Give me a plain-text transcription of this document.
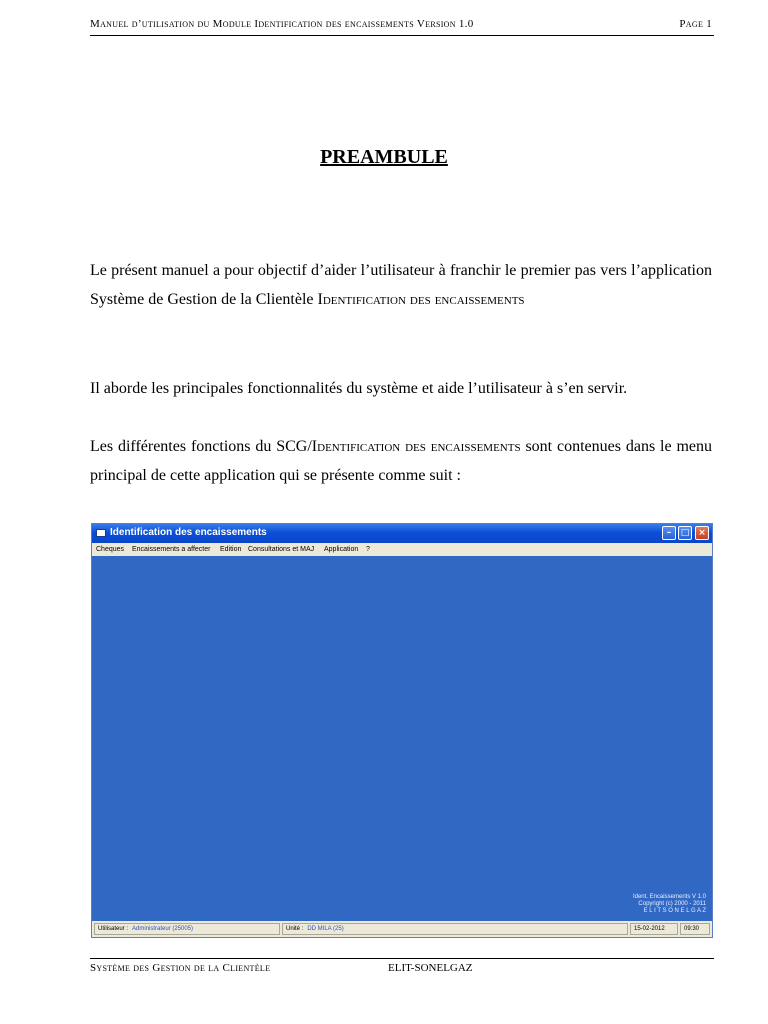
Manuel d’utilisation du Module Identification des encaissements Version 1.0	Page 1
PREAMBULE
Le présent manuel a pour objectif d’aider l’utilisateur à franchir le premier pas vers l’application Système de Gestion de la Clientèle Identification des encaissements
Il aborde les principales fonctionnalités du système et aide l’utilisateur à s’en servir.
Les différentes fonctions du SCG/Identification des encaissements sont contenues dans le menu principal de cette application qui se présente comme suit :
Identification des encaissements	–	□ ×
Cheques Encaissements a affecter Edition Consultations et MAJ Application ?
Ident. Encaissements V 1.0
Copyright (c) 2000 - 2011
E L I T S O N E L G A Z
Utilisateur : Administrateur (25005)	Unité : DD MILA (25)	15-02-2012	09:30
Système des Gestion de la Clientèle	ELIT-SONELGAZ
